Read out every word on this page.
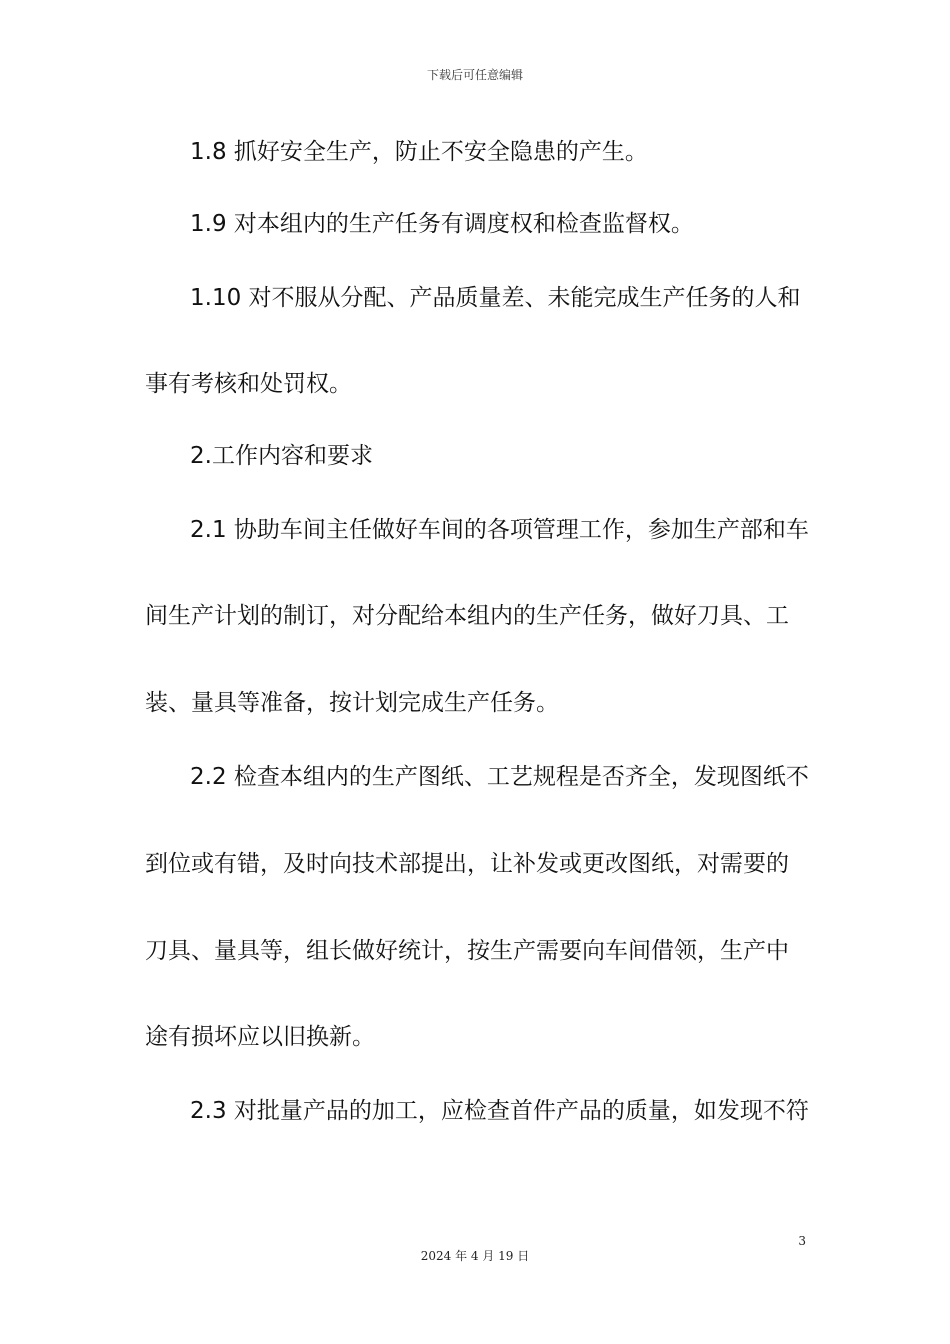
下载后可任意编辑
1.8 抓好安全生产，防止不安全隐患的产生。
1.9 对本组内的生产任务有调度权和检查监督权。
1.10 对不服从分配、产品质量差、未能完成生产任务的人和
事有考核和处罚权。
2.工作内容和要求
2.1 协助车间主任做好车间的各项管理工作，参加生产部和车
间生产计划的制订，对分配给本组内的生产任务，做好刀具、工
装、量具等准备，按计划完成生产任务。
2.2 检查本组内的生产图纸、工艺规程是否齐全，发现图纸不
到位或有错，及时向技术部提出，让补发或更改图纸，对需要的
刀具、量具等，组长做好统计，按生产需要向车间借领，生产中
途有损坏应以旧换新。
2.3 对批量产品的加工，应检查首件产品的质量，如发现不符
3
2024 年 4 月 19 日
